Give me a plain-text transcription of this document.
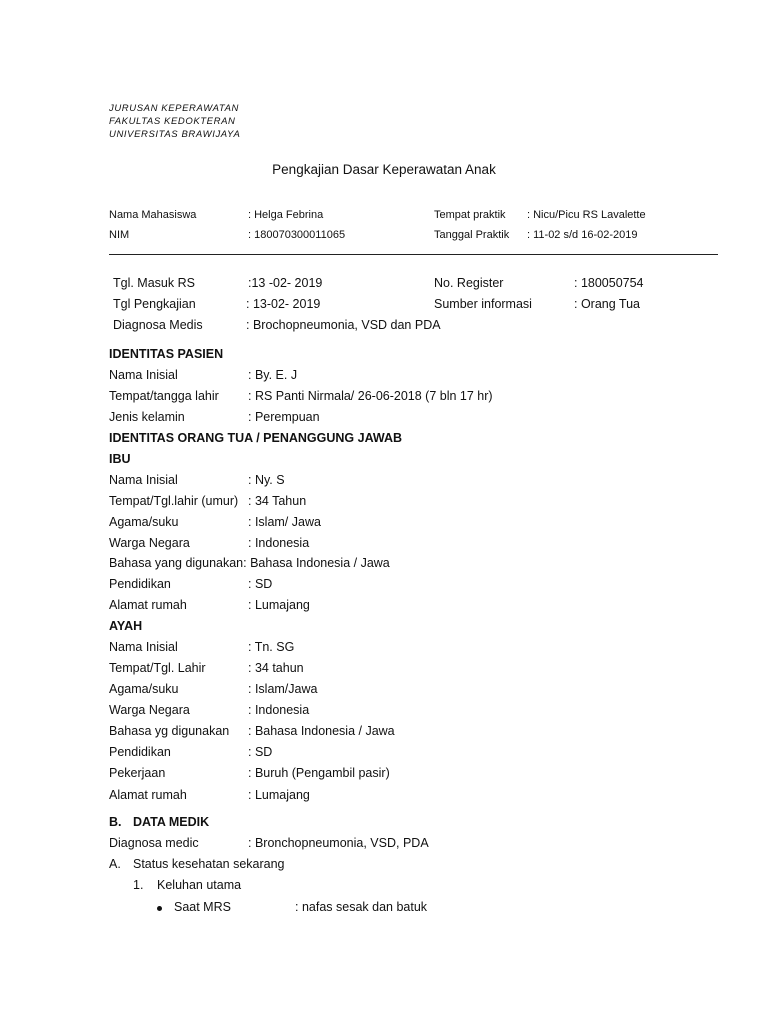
JURUSAN KEPERAWATAN
FAKULTAS KEDOKTERAN
UNIVERSITAS BRAWIJAYA
Pengkajian Dasar Keperawatan Anak
Nama Mahasiswa	: Helga Febrina	Tempat praktik : Nicu/Picu RS Lavalette
NIM	: 180070300011065	Tanggal Praktik : 11-02 s/d 16-02-2019
Tgl. Masuk RS	:13 -02- 2019	No. Register	: 180050754
Tgl Pengkajian	: 13-02- 2019	Sumber informasi	: Orang Tua
Diagnosa Medis	: Brochopneumonia, VSD dan PDA
IDENTITAS PASIEN
Nama Inisial	: By. E. J
Tempat/tangga lahir : RS Panti Nirmala/ 26-06-2018 (7 bln 17 hr)
Jenis kelamin	: Perempuan
IDENTITAS ORANG TUA / PENANGGUNG JAWAB
IBU
Nama Inisial	: Ny. S
Tempat/Tgl.lahir (umur) : 34 Tahun
Agama/suku	: Islam/ Jawa
Warga Negara	: Indonesia
Bahasa yang digunakan: Bahasa Indonesia / Jawa
Pendidikan	: SD
Alamat rumah	: Lumajang
AYAH
Nama Inisial	: Tn. SG
Tempat/Tgl. Lahir	: 34 tahun
Agama/suku	: Islam/Jawa
Warga Negara	: Indonesia
Bahasa yg digunakan : Bahasa Indonesia / Jawa
Pendidikan	: SD
Pekerjaan	: Buruh (Pengambil pasir)
Alamat rumah	: Lumajang
B. DATA MEDIK
Diagnosa medic	: Bronchopneumonia, VSD, PDA
A. Status kesehatan sekarang
1. Keluhan utama
Saat MRS	: nafas sesak dan batuk
